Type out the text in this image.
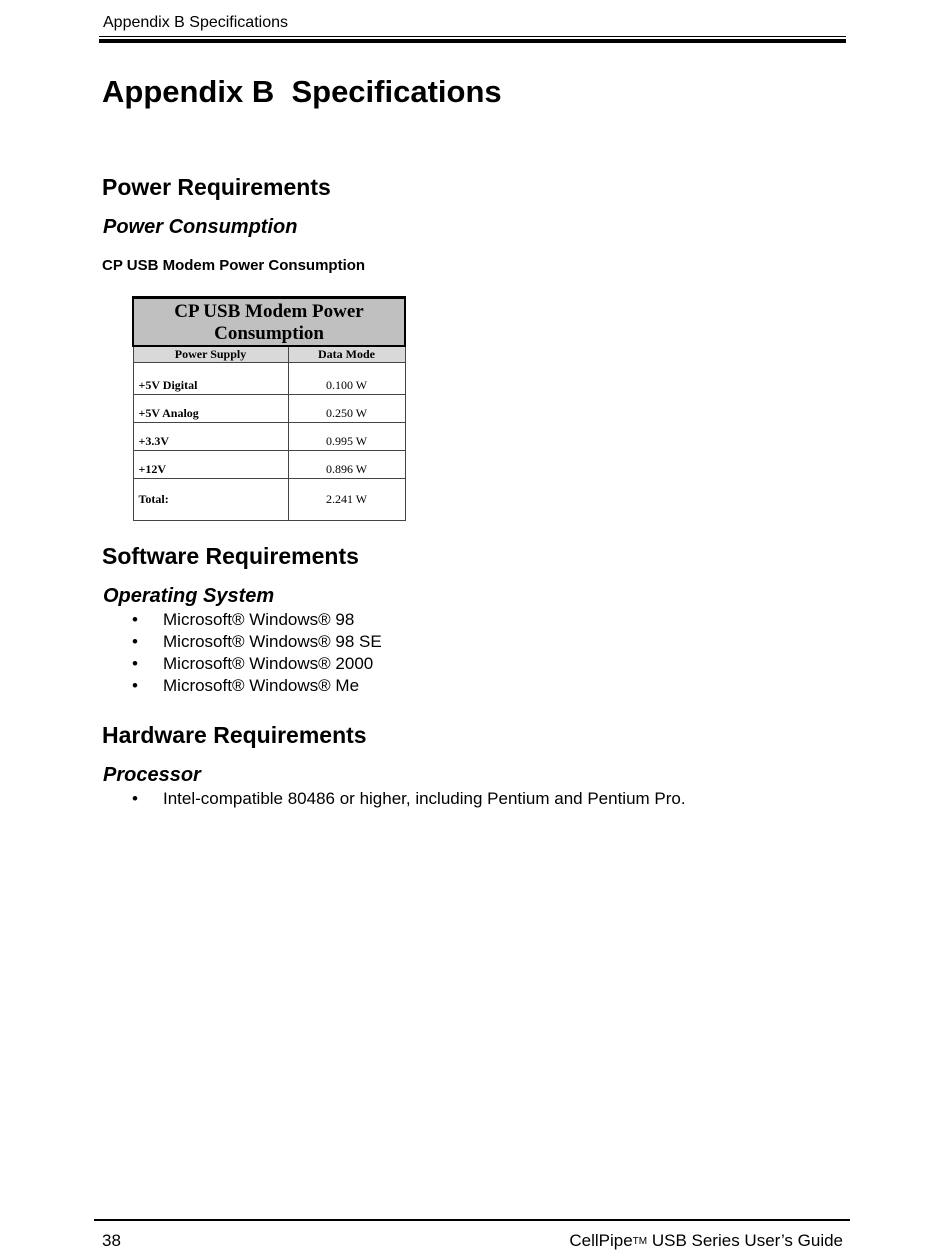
Appendix B Specifications
Appendix B  Specifications
Power Requirements
Power Consumption
CP USB Modem Power Consumption
CP USB Modem Power Consumption	
Power Supply	Data Mode
+5V Digital	0.100 W
+5V Analog	0.250 W
+3.3V	0.995 W
+12V	0.896 W
Total:	2.241 W
Software Requirements
Operating System
• Microsoft® Windows® 98
• Microsoft® Windows® 98 SE
• Microsoft® Windows® 2000
• Microsoft® Windows® Me
Hardware Requirements
Processor
• Intel-compatible 80486 or higher, including Pentium and Pentium Pro.
38	CellPipeTM USB Series User’s Guide
